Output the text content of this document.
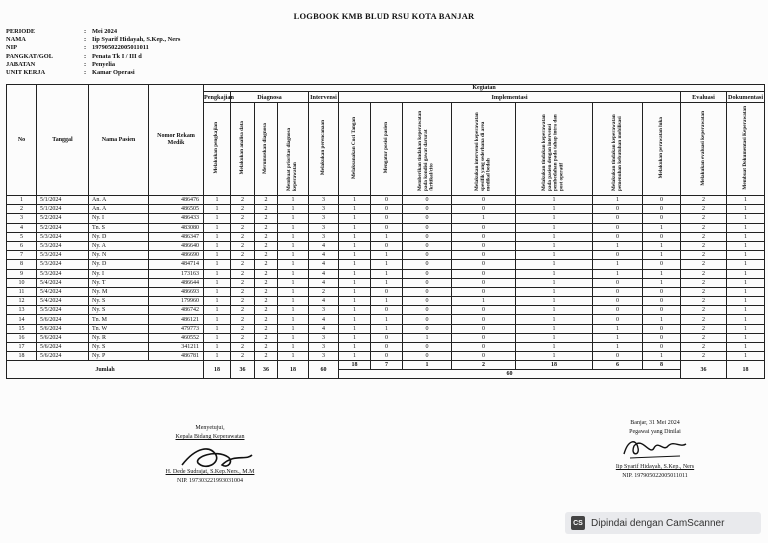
LOGBOOK KMB BLUD RSU KOTA BANJAR
PERIODE	: Mei 2024
NAMA	: Iip Syarif Hidayah, S.Kep., Ners
NIP	: 197905022005011011
PANGKAT/GOL	: Penata Tk I / III d
JABATAN	: Penyelia
UNIT KERJA	: Kamar Operasi
No	Tanggal	Nama Pasien	Nomor Rekam Medik	Kegiatan													
				Pengkajian	Diagnosa			Intervensi	Implementasi							Evaluasi	Dokumentasi
				Melakukan pengkajian	Melakukan analisa data	Merumuskan diagnosa	Membuat prioritas diagnosa keperawatan	Melakukan perencanaan	Melaksanakan Cuci Tangan	Mengatur posisi pasien	Memberikan tindakan keperawatan pada kondisi gawat darurat /kritikal/cito	Melakukan intervensi keperawatan spesifik yang sederhana di area medikal bedah	Melakukan tindakan keperawatan pada pasien dengan intervensi pembedahan pada tahap intra dan post operatif	Melakukan tindakan keperawatan pemenuhan kebutuhan mobilisasi	Melakukan perawatan luka	Melakukan evaluasi keperawatan	Membuat Dokumentasi Keperawatan
1	5/1/2024	An. A	486476	1	2	2	1	3	1	0	0	0	1	1	0	2	1
2	5/1/2024	An. A	486505	1	2	2	1	3	1	0	0	0	1	0	0	2	1
3	5/2/2024	Ny. I	486433	1	2	2	1	3	1	0	0	1	1	0	0	2	1
4	5/2/2024	Tn. S	483080	1	2	2	1	3	1	0	0	0	1	0	1	2	1
5	5/3/2024	Ny. D	486347	1	2	2	1	3	1	1	0	0	1	0	0	2	1
6	5/3/2024	Ny. A	486640	1	2	2	1	4	1	0	0	0	1	1	1	2	1
7	5/3/2024	Ny. N	486690	1	2	2	1	4	1	1	0	0	1	0	1	2	1
8	5/3/2024	Ny. D	484714	1	2	2	1	4	1	1	0	0	1	1	0	2	1
9	5/3/2024	Ny. I	173163	1	2	2	1	4	1	1	0	0	1	1	1	2	1
10	5/4/2024	Ny. T	486644	1	2	2	1	4	1	1	0	0	1	0	1	2	1
11	5/4/2024	Ny. M	486693	1	2	2	1	2	1	0	0	0	1	0	0	2	1
12	5/4/2024	Ny. S	179960	1	2	2	1	4	1	1	0	1	1	0	0	2	1
13	5/5/2024	Ny. S	486742	1	2	2	1	3	1	0	0	0	1	0	0	2	1
14	5/6/2024	Tn. M	486121	1	2	2	1	4	1	1	0	0	1	0	1	2	1
15	5/6/2024	Tn. W	479773	1	2	2	1	4	1	1	0	0	1	1	0	2	1
16	5/6/2024	Ny. R	460552	1	2	2	1	3	1	0	1	0	1	1	0	2	1
17	5/6/2024	Ny. S	341211	1	2	2	1	3	1	0	0	0	1	1	0	2	1
18	5/6/2024	Ny. P	486781	1	2	2	1	3	1	0	0	0	1	0	1	2	1
Jumlah				18	36	36	18	60	18	7	1	2	18	6	8	36	18
									60								
Menyetujui,
Kepala Bidang Keperawatan
H. Dede Sudrajat, S.Kep.Ners., M.M
NIP. 197303221993031004
Banjar, 31 Mei 2024
Pegawai yang Dinilai
Iip Syarif Hidayah, S.Kep., Ners
NIP. 197905022005011011
CS Dipindai dengan CamScanner
